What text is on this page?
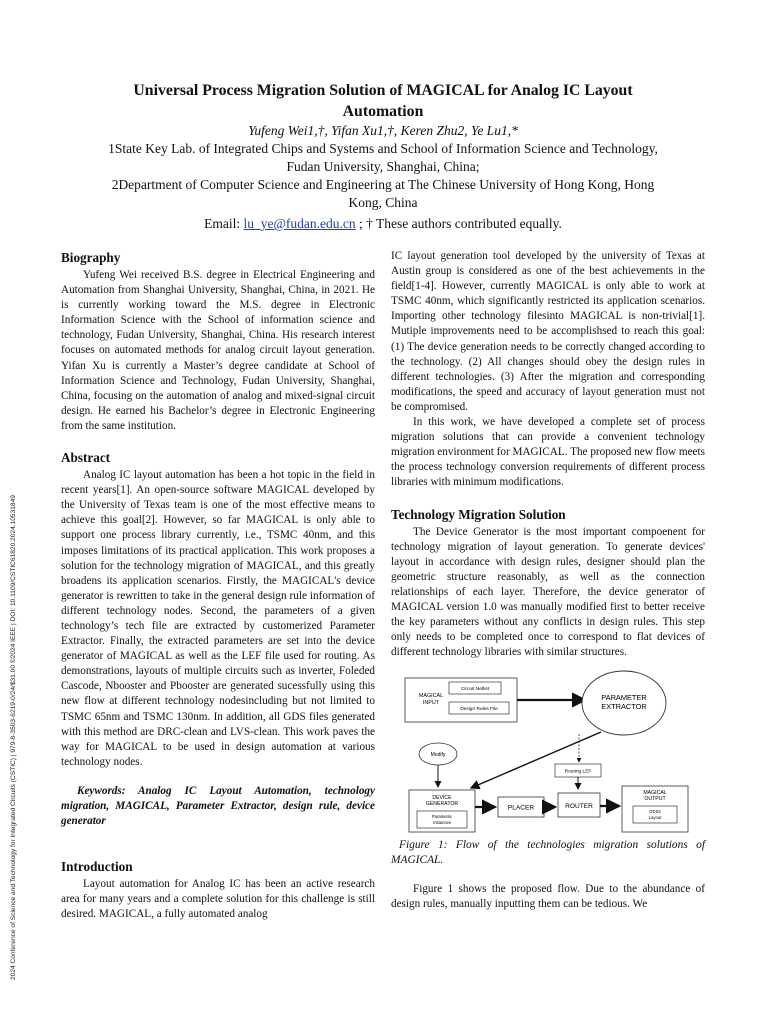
2024 Conference of Science and Technology for Integrated Circuits (CSTIC) | 979-8-3503-6219-0/24/$31.00 ©2024 IEEE | DOI: 10.1109/CSTIC61820.2024.10531849
Universal Process Migration Solution of MAGICAL for Analog IC Layout
Automation
Yufeng Wei1,†, Yifan Xu1,†, Keren Zhu2, Ye Lu1,*
1State Key Lab. of Integrated Chips and Systems and School of Information Science and Technology,
Fudan University, Shanghai, China;
2Department of Computer Science and Engineering at The Chinese University of Hong Kong, Hong
Kong, China
Email: lu_ye@fudan.edu.cn ; † These authors contributed equally.
Biography

Yufeng Wei received B.S. degree in Electrical Engineering and Automation from Shanghai University, Shanghai, China, in 2021. He is currently working toward the M.S. degree in Electronic Information Science with the School of information science and technology, Fudan University, Shanghai, China. His research interest focuses on automated methods for analog circuit layout generation. Yifan Xu is currently a Master’s degree candidate at School of Information Science and Technology, Fudan University, Shanghai, China, focusing on the automation of analog and mixed-signal circuit design. He earned his Bachelor’s degree in Electronic Engineering from the same institution.

Abstract

Analog IC layout automation has been a hot topic in the field in recent years[1]. An open-source software MAGICAL developed by the University of Texas team is one of the most effective means to achieve this goal[2]. However, so far MAGICAL is only able to support one process library currently, i.e., TSMC 40nm, and this imposes limitations of its practical application. This work proposes a solution for the technology migration of MAGICAL, and this greatly broadens its application scenarios. Firstly, the MAGICAL's device generator is rewritten to take in the general design rule information of different technology nodes. Second, the parameters of a given technology’s tech file are extracted by customerized Parameter Extractor. Finally, the extracted parameters are set into the device generator of MAGICAL as well as the LEF file used for routing. As demonstrations, layouts of multiple circuits such as inverter, Foleded Cascode, Nbooster and Pbooster are generated sucessfully using this new flow at different technology nodesincluding but not limited to TSMC 65nm and TSMC 130nm. In addition, all GDS files generated with this method are DRC-clean and LVS-clean. This work paves the way for MAGICAL to be used in design automation at various technology nodes.

Keywords: Analog IC Layout Automation, technology migration, MAGICAL, Parameter Extractor, design rule, device generator

Introduction

Layout automation for Analog IC has been an active research area for many years and a complete solution for this challenge is still desired. MAGICAL, a fully automated analog

IC layout generation tool developed by the university of Texas at Austin group is considered as one of the best achievements in the field[1-4]. However, currently MAGICAL is only able to work at TSMC 40nm, which significantly restricted its application scenarios. Importing other technology filesinto MAGICAL is non-trivial[1]. Mutiple improvements need to be accomplishsed to reach this goal: (1) The device generation needs to be correctly changed according to the technology. (2) All changes should obey the design rules in different technologies. (3) After the migration and corresponding modifications, the speed and accuracy of layout generation must not be compromised.

In this work, we have developed a complete set of process migration solutions that can provide a convenient technology migration environment for MAGICAL. The proposed new flow meets the process technology conversion requirements of different process libraries with minimum modifications.

Technology Migration Solution

The Device Generator is the most important compoenent for technology migration of layout generation. To generate devices' layout in accordance with design rules, designer should plan the geometric structure reasonably, as well as the connection relationships of each layer. Therefore, the device generator of MAGICAL version 1.0 was manually modified first to better receive the key parameters without any conflicts in design rules. This step only needs to be completed once to correspond to flat devices of different technology libraries with similar structures.

MAGICAL
INPUT
Circuit Netlist
Design Rules File
PARAMETER
EXTRACTOR
Modify
Routing LEF
DEVICE
GENERATOR
Parametric
Instances
PLACER	ROUTER
MAGICAL
OUTPUT
GDS2
Layout

Figure 1: Flow of the technologies migration solutions of MAGICAL.

Figure 1 shows the proposed flow. Due to the abundance of design rules, manually inputting them can be tedious. We
